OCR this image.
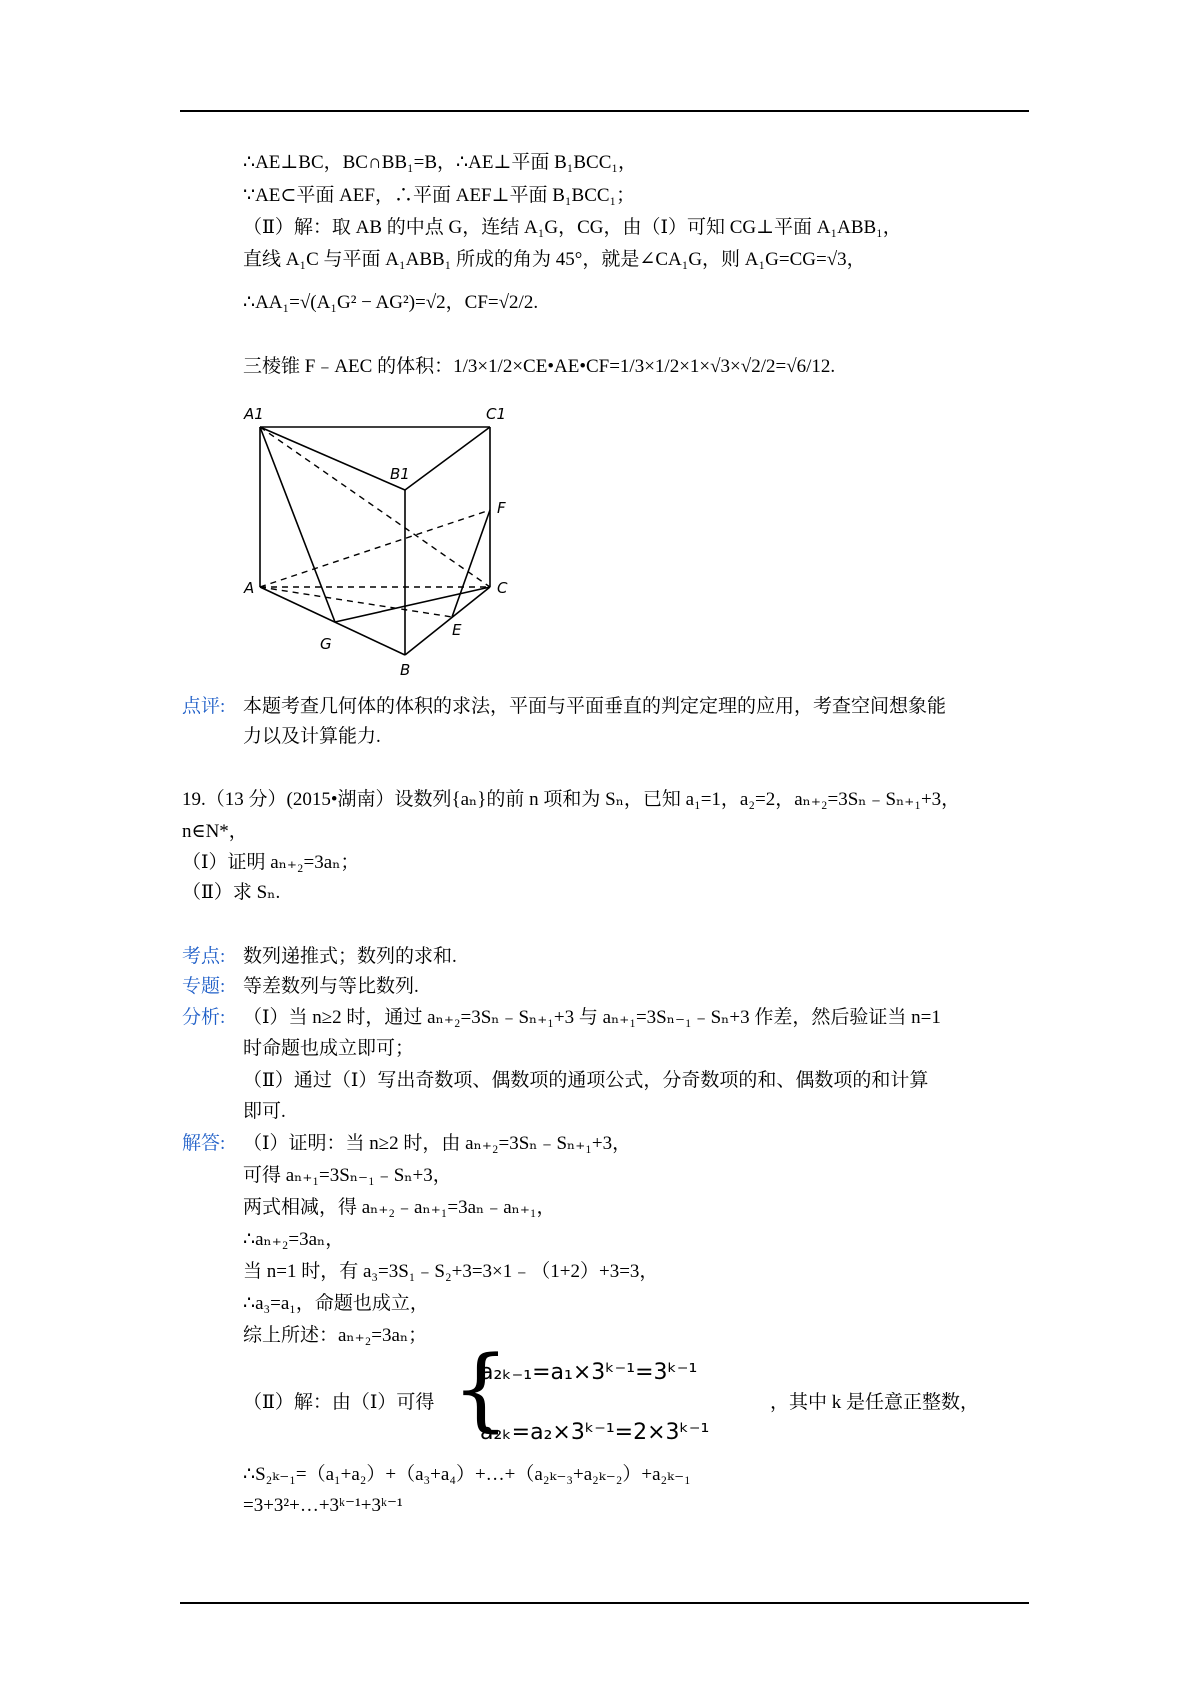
∴AE⊥BC，BC∩BB₁=B，∴AE⊥平面 B₁BCC₁，
∵AE⊂平面 AEF，∴平面 AEF⊥平面 B₁BCC₁；
（Ⅱ）解：取 AB 的中点 G，连结 A₁G，CG，由（Ⅰ）可知 CG⊥平面 A₁ABB₁，
直线 A₁C 与平面 A₁ABB₁ 所成的角为 45°，就是∠CA₁G，则 A₁G=CG=√3，
∴AA₁=√(A₁G² − AG²)=√2，CF=√2/2.
三棱锥 F﹣AEC 的体积：1/3×1/2×CE•AE•CF=1/3×1/2×1×√3×√2/2=√6/12.
A1	C1
B1
F
A	C
E
G
B
点评: 本题考查几何体的体积的求法，平面与平面垂直的判定定理的应用，考查空间想象能
力以及计算能力.
19.（13 分）(2015•湖南）设数列{aₙ}的前 n 项和为 Sₙ，已知 a₁=1，a₂=2，aₙ₊₂=3Sₙ﹣Sₙ₊₁+3，
n∈N*，
（Ⅰ）证明 aₙ₊₂=3aₙ；
（Ⅱ）求 Sₙ.
考点: 数列递推式；数列的求和.
专题: 等差数列与等比数列.
分析: （Ⅰ）当 n≥2 时，通过 aₙ₊₂=3Sₙ﹣Sₙ₊₁+3 与 aₙ₊₁=3Sₙ₋₁﹣Sₙ+3 作差，然后验证当 n=1
时命题也成立即可；
（Ⅱ）通过（Ⅰ）写出奇数项、偶数项的通项公式，分奇数项的和、偶数项的和计算
即可.
解答: （Ⅰ）证明：当 n≥2 时，由 aₙ₊₂=3Sₙ﹣Sₙ₊₁+3，
可得 aₙ₊₁=3Sₙ₋₁﹣Sₙ+3，
两式相减，得 aₙ₊₂﹣aₙ₊₁=3aₙ﹣aₙ₊₁，
∴aₙ₊₂=3aₙ，
当 n=1 时，有 a₃=3S₁﹣S₂+3=3×1﹣（1+2）+3=3，
∴a₃=a₁，命题也成立，
综上所述：aₙ₊₂=3aₙ；
（Ⅱ）解：由（Ⅰ）可得 {
a₂ₖ₋₁=a₁×3ᵏ⁻¹=3ᵏ⁻¹
a₂ₖ=a₂×3ᵏ⁻¹=2×3ᵏ⁻¹
，其中 k 是任意正整数，
∴S₂ₖ₋₁=（a₁+a₂）+（a₃+a₄）+…+（a₂ₖ₋₃+a₂ₖ₋₂）+a₂ₖ₋₁
=3+3²+…+3ᵏ⁻¹+3ᵏ⁻¹
